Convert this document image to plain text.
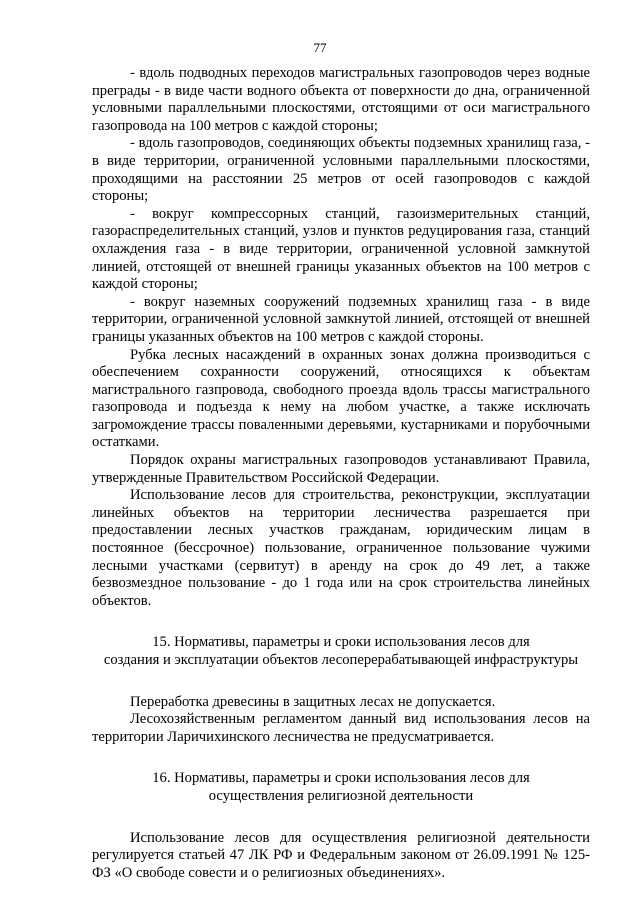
77

- вдоль подводных переходов магистральных газопроводов через водные преграды - в виде части водного объекта от поверхности до дна, ограниченной условными параллельными плоскостями, отстоящими от оси магистрального газопровода на 100 метров с каждой стороны;

- вдоль газопроводов, соединяющих объекты подземных хранилищ газа, - в виде территории, ограниченной условными параллельными плоскостями, проходящими на расстоянии 25 метров от осей газопроводов с каждой стороны;

- вокруг компрессорных станций, газоизмерительных станций, газораспределительных станций, узлов и пунктов редуцирования газа, станций охлаждения газа - в виде территории, ограниченной условной замкнутой линией, отстоящей от внешней границы указанных объектов на 100 метров с каждой стороны;

- вокруг наземных сооружений подземных хранилищ газа - в виде территории, ограниченной условной замкнутой линией, отстоящей от внешней границы указанных объектов на 100 метров с каждой стороны.

Рубка лесных насаждений в охранных зонах должна производиться с обеспечением сохранности сооружений, относящихся к объектам магистрального газпровода, свободного проезда вдоль трассы магистрального газопровода и подъезда к нему на любом участке, а также исключать загромождение трассы поваленными деревьями, кустарниками и порубочными остатками.

Порядок охраны магистральных газопроводов устанавливают Правила, утвержденные Правительством Российской Федерации.

Использование лесов для строительства, реконструкции, эксплуатации линейных объектов на территории лесничества разрешается при предоставлении лесных участков гражданам, юридическим лицам в постоянное (бессрочное) пользование, ограниченное пользование чужими лесными участками (сервитут) в аренду на срок до 49 лет, а также безвозмездное пользование - до 1 года или на срок строительства линейных объектов.

15. Нормативы, параметры и сроки использования лесов для

создания и эксплуатации объектов лесоперерабатывающей инфраструктуры

Переработка древесины в защитных лесах не допускается.

Лесохозяйственным регламентом данный вид использования лесов на территории Ларичихинского лесничества не предусматривается.

16. Нормативы, параметры и сроки использования лесов для

осуществления религиозной деятельности

Использование лесов для осуществления религиозной деятельности регулируется статьей 47 ЛК РФ и Федеральным законом от 26.09.1991 № 125-ФЗ «О свободе совести и о религиозных объединениях».
